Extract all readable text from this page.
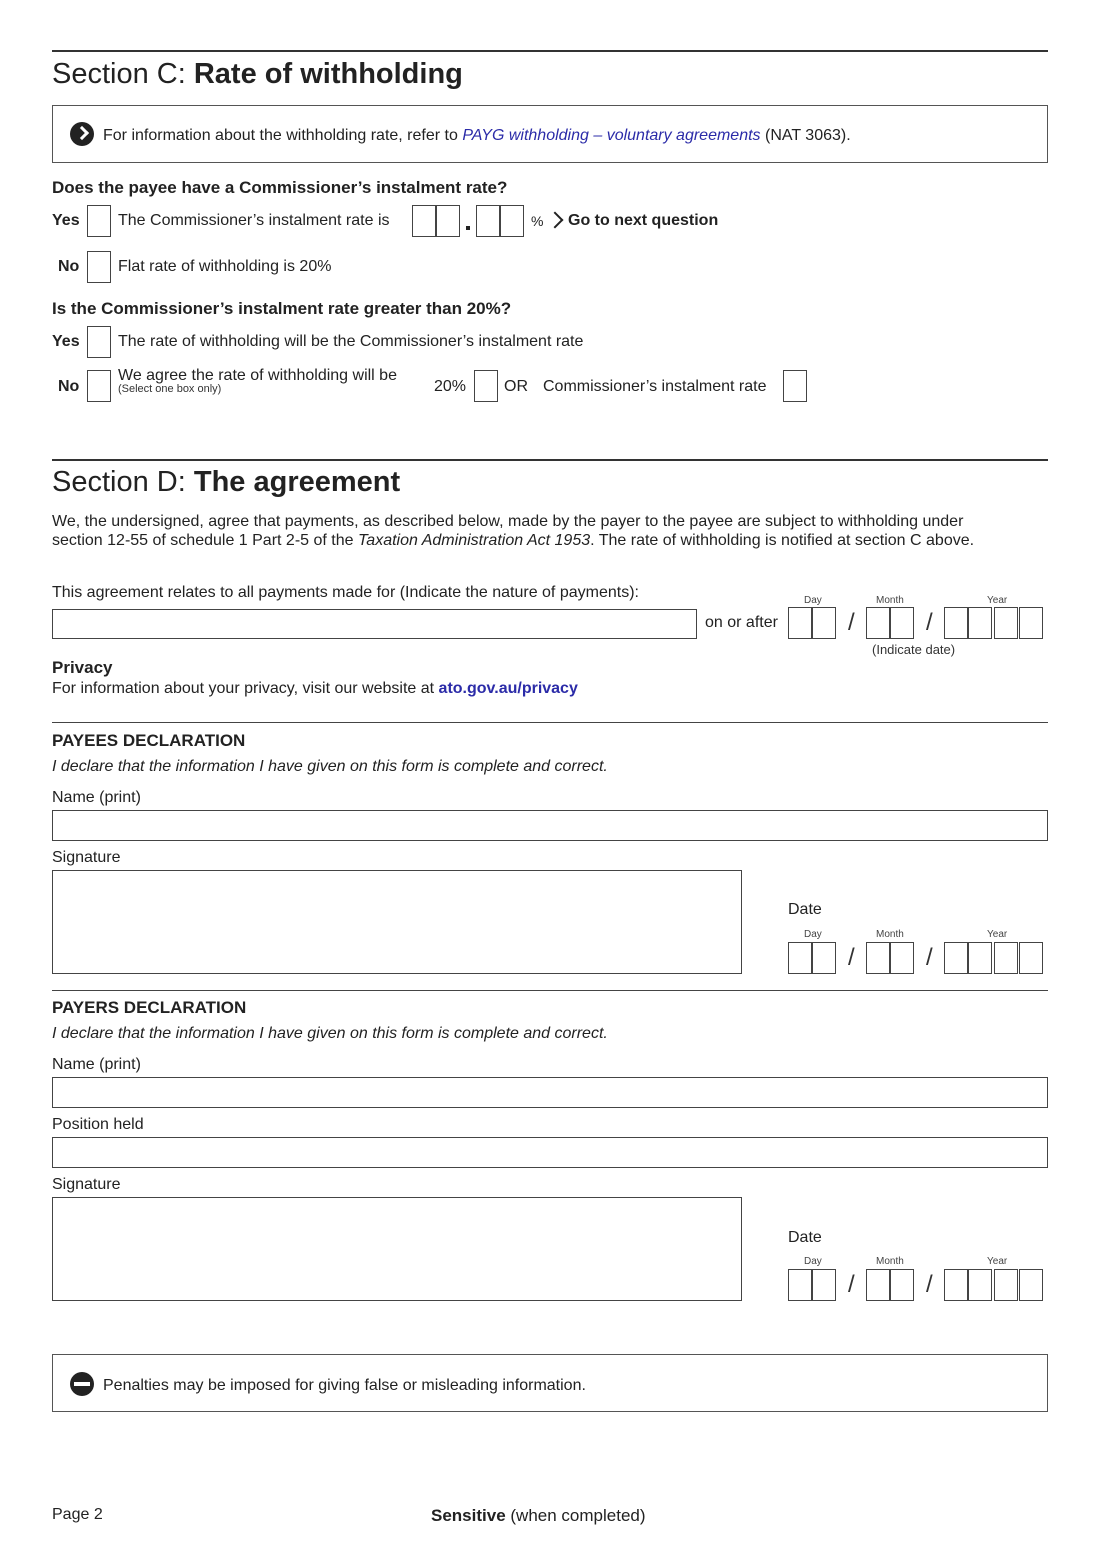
Section C: Rate of withholding
For information about the withholding rate, refer to PAYG withholding – voluntary agreements (NAT 3063).
Does the payee have a Commissioner’s instalment rate?
Yes The Commissioner’s instalment rate is	% Go to next question
No Flat rate of withholding is 20%
Is the Commissioner’s instalment rate greater than 20%?
Yes The rate of withholding will be the Commissioner’s instalment rate
No
We agree the rate of withholding will be
(Select one box only)	20% OR Commissioner’s instalment rate
Section D: The agreement
We, the undersigned, agree that payments, as described below, made by the payer to the payee are subject to withholding under
section 12-55 of schedule 1 Part 2-5 of the Taxation Administration Act 1953. The rate of withholding is notified at section C above.
This agreement relates to all payments made for (Indicate the nature of payments):
on or after
Day	Month	Year
/	/
(Indicate date)
Privacy
For information about your privacy, visit our website at ato.gov.au/privacy
PAYEES DECLARATION
I declare that the information I have given on this form is complete and correct.
Name (print)
Signature
Date
Day	Month	Year
/	/
PAYERS DECLARATION
I declare that the information I have given on this form is complete and correct.
Name (print)
Position held
Signature
Date
Day	Month	Year
/	/
Penalties may be imposed for giving false or misleading information.
Page 2	Sensitive (when completed)
